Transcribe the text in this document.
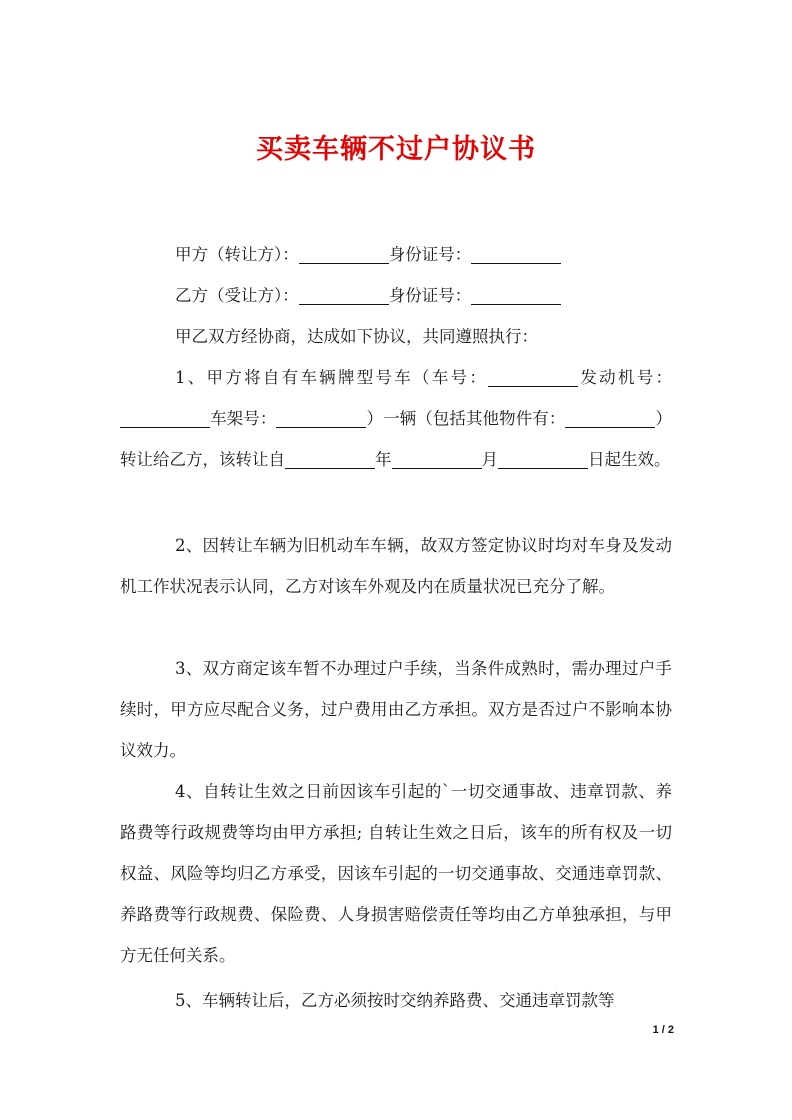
买卖车辆不过户协议书

甲方（转让方）：	身份证号：

乙方（受让方）：	身份证号：

甲乙双方经协商，达成如下协议，共同遵照执行：

1、甲方将自有车辆牌型号车（车号：	发动机号：车架号：	）一辆（包括其他物件有：	）转让给乙方，该转让自	年	月	日起生效。

2、因转让车辆为旧机动车车辆，故双方签定协议时均对车身及发动机工作状况表示认同，乙方对该车外观及内在质量状况已充分了解。

3、双方商定该车暂不办理过户手续，当条件成熟时，需办理过户手续时，甲方应尽配合义务，过户费用由乙方承担。双方是否过户不影响本协议效力。

4、自转让生效之日前因该车引起的`一切交通事故、违章罚款、养路费等行政规费等均由甲方承担; 自转让生效之日后，该车的所有权及一切权益、风险等均归乙方承受，因该车引起的一切交通事故、交通违章罚款、养路费等行政规费、保险费、人身损害赔偿责任等均由乙方单独承担，与甲方无任何关系。

5、车辆转让后，乙方必须按时交纳养路费、交通违章罚款等

1 / 2
